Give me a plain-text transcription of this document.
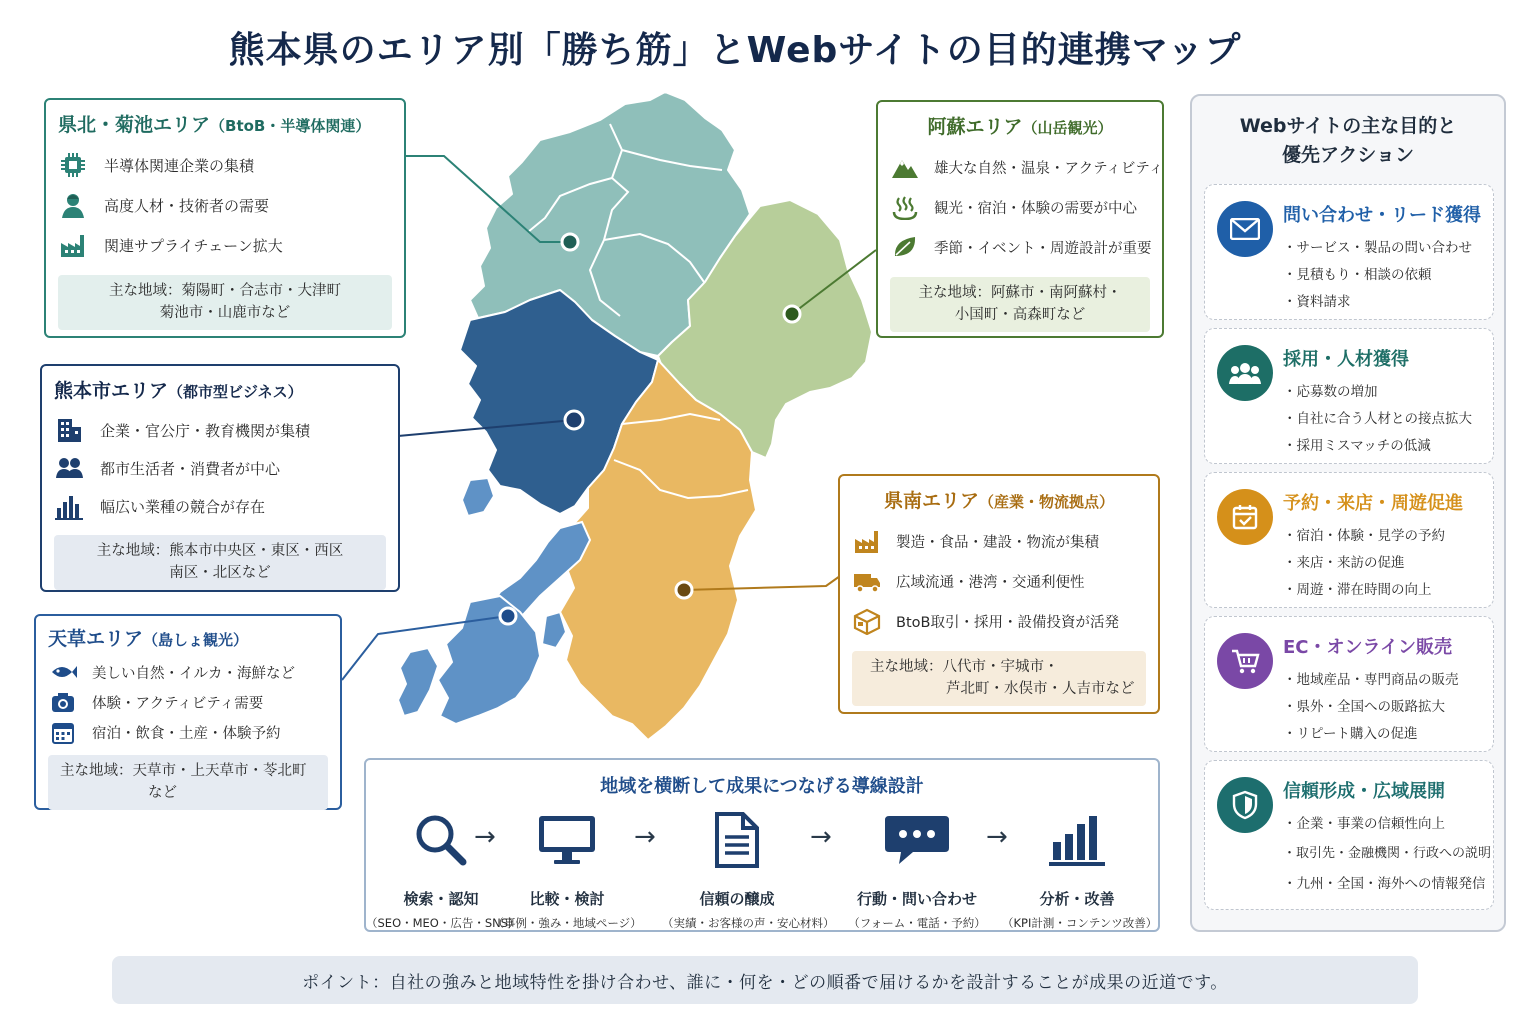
熊本県のエリア別「勝ち筋」とWebサイトの目的連携マップ
県北・菊池エリア（BtoB・半導体関連）
半導体関連企業の集積
高度人材・技術者の需要
関連サプライチェーン拡大
主な地域：菊陽町・合志市・大津町
菊池市・山鹿市など
熊本市エリア（都市型ビジネス）
企業・官公庁・教育機関が集積
都市生活者・消費者が中心
幅広い業種の競合が存在
主な地域：熊本市中央区・東区・西区
南区・北区など
天草エリア（島しょ観光）
美しい自然・イルカ・海鮮など
体験・アクティビティ需要
宿泊・飲食・土産・体験予約
主な地域：天草市・上天草市・苓北町
など
阿蘇エリア（山岳観光）
雄大な自然・温泉・アクティビティ
観光・宿泊・体験の需要が中心
季節・イベント・周遊設計が重要
主な地域：阿蘇市・南阿蘇村・
小国町・高森町など
県南エリア（産業・物流拠点）
製造・食品・建設・物流が集積
広域流通・港湾・交通利便性
BtoB取引・採用・設備投資が活発
主な地域：八代市・宇城市・
芦北町・水俣市・人吉市など
Webサイトの主な目的と
優先アクション
問い合わせ・リード獲得
・サービス・製品の問い合わせ
・見積もり・相談の依頼
・資料請求
採用・人材獲得
・応募数の増加
・自社に合う人材との接点拡大
・採用ミスマッチの低減
予約・来店・周遊促進
・宿泊・体験・見学の予約
・来店・来訪の促進
・周遊・滞在時間の向上
EC・オンライン販売
・地域産品・専門商品の販売
・県外・全国への販路拡大
・リピート購入の促進
信頼形成・広域展開
・企業・事業の信頼性向上
・取引先・金融機関・行政への説明
・九州・全国・海外への情報発信
地域を横断して成果につなげる導線設計
検索・認知
（SEO・MEO・広告・SNS）
→
比較・検討
（事例・強み・地域ページ）
→
信頼の醸成
（実績・お客様の声・安心材料）
→
行動・問い合わせ
（フォーム・電話・予約）
→
分析・改善
（KPI計測・コンテンツ改善）
ポイント：自社の強みと地域特性を掛け合わせ、誰に・何を・どの順番で届けるかを設計することが成果の近道です。
